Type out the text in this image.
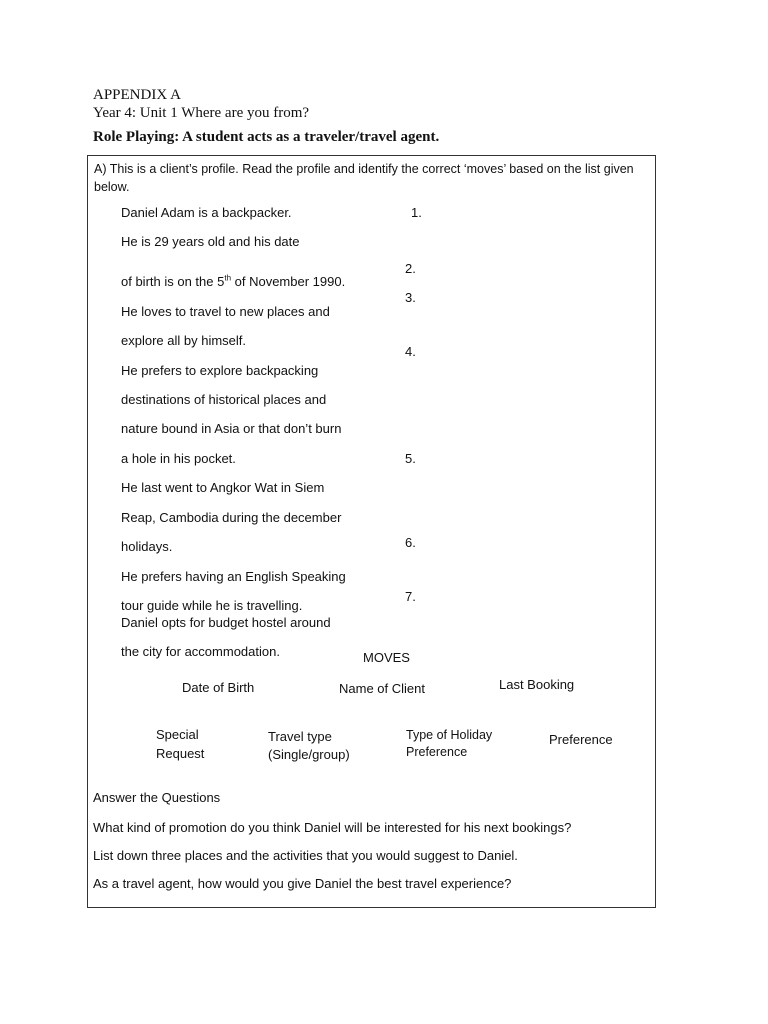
APPENDIX A
Year 4: Unit 1 Where are you from?
Role Playing: A student acts as a traveler/travel agent.
A) This is a client’s profile. Read the profile and identify the correct ‘moves’ based on the list given below.
Daniel Adam is a backpacker.
He is 29 years old and his date
of birth is on the 5th of November 1990.
He loves to travel to new places and
explore all by himself.
He prefers to explore backpacking
destinations of historical places and
nature bound in Asia or that don’t burn
a hole in his pocket.
He last went to Angkor Wat in Siem
Reap, Cambodia during the december
holidays.
He prefers having an English Speaking
tour guide while he is travelling.
Daniel opts for budget hostel around
the city for accommodation.
1.
2.
3.
4.
5.
6.
7.
MOVES
Date of Birth	Name of Client	Last Booking
Special
Request
Travel type
(Single/group)
Type of Holiday
Preference
Preference
Answer the Questions
What kind of promotion do you think Daniel will be interested for his next bookings?
List down three places and the activities that you would suggest to Daniel.
As a travel agent, how would you give Daniel the best travel experience?
